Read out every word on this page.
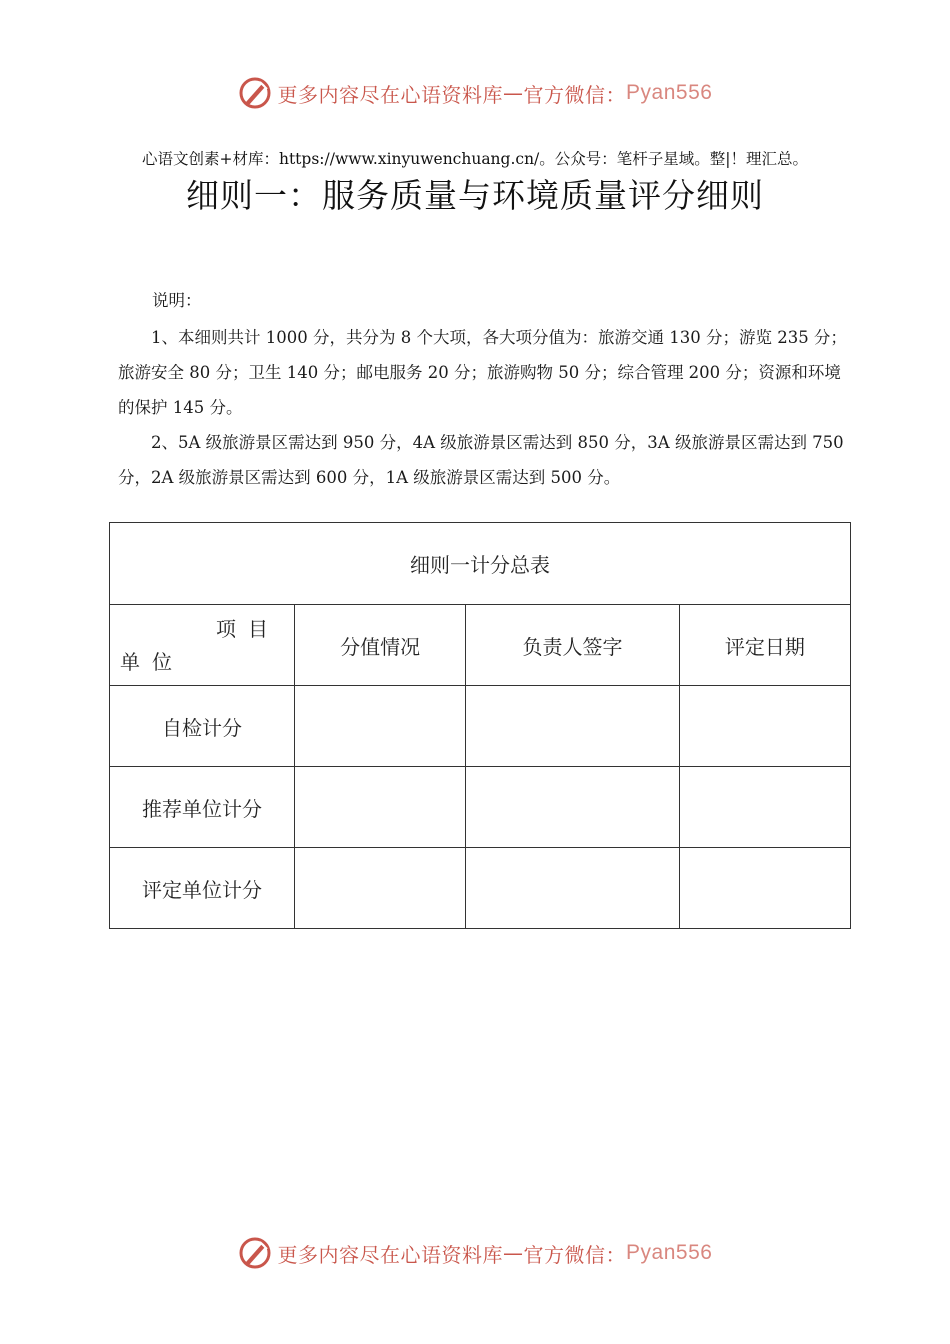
更多内容尽在心语资料库 — 官方微信： Pyan556
心语文创素+材库：https://www.xinyuwenchuang.cn/。公众号：笔杆子星域。整|！理汇总。
细则一：服务质量与环境质量评分细则
说明：

1、本细则共计 1000 分，共分为 8 个大项，各大项分值为：旅游交通 130 分；游览 235 分；旅游安全 80 分；卫生 140 分；邮电服务 20 分；旅游购物 50 分；综合管理 200 分；资源和环境的保护 145 分。

2、5A 级旅游景区需达到 950 分，4A 级旅游景区需达到 850 分，3A 级旅游景区需达到 750 分，2A 级旅游景区需达到 600 分，1A 级旅游景区需达到 500 分。

细则一计分总表			

项目
单位	分值情况	负责人签字	评定日期
自检计分			
推荐单位计分			
评定单位计分			
更多内容尽在心语资料库 — 官方微信： Pyan556
